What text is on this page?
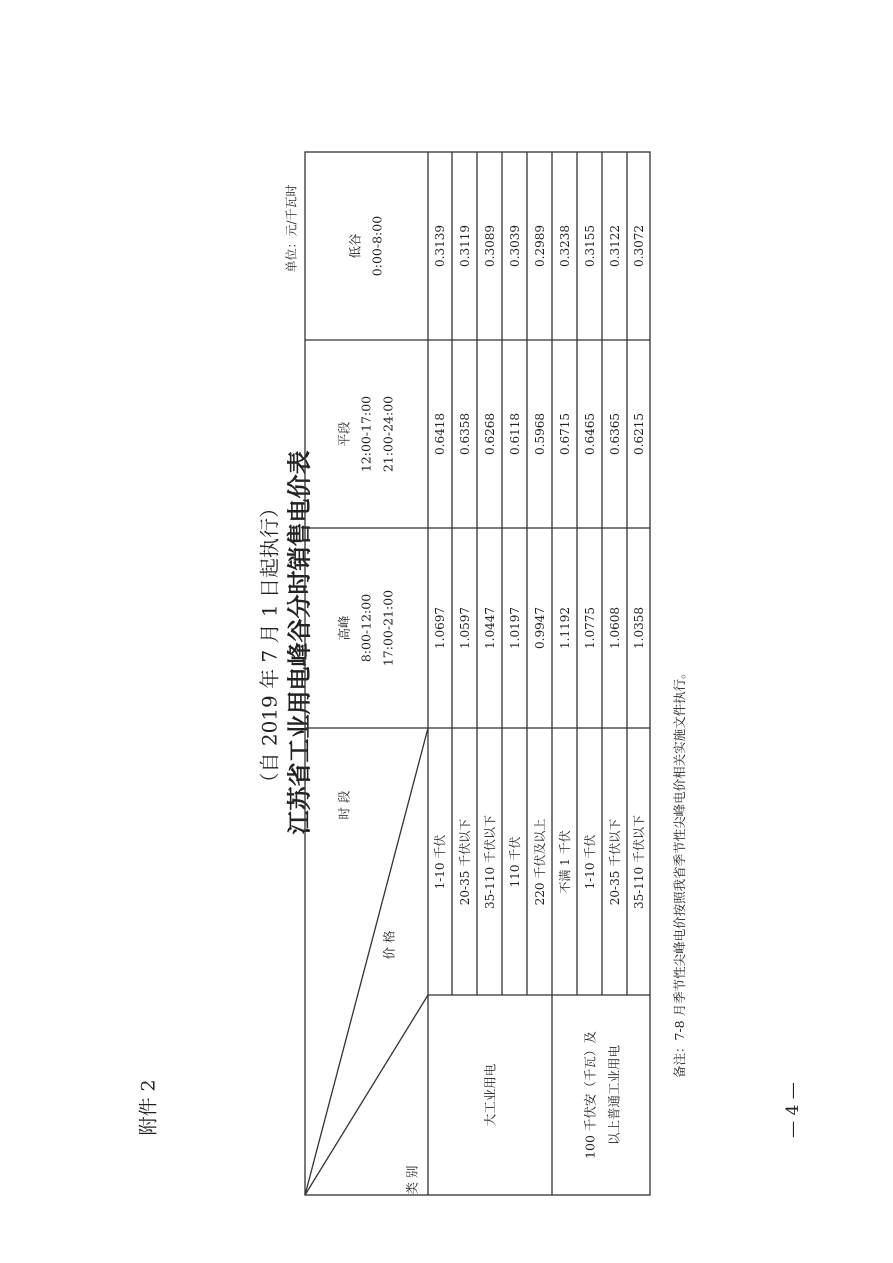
附件 2
江苏省工业用电峰谷分时销售电价表
（自 2019 年 7 月 1 日起执行）
单位：元/千瓦时
时 段
价 格
类 别
高峰 8:00-12:00 17:00-21:00
平段 12:00-17:00 21:00-24:00
低谷 0:00-8:00
1-10 千伏
1.0697
0.6418
0.3139
20-35 千伏以下
1.0597
0.6358
0.3119
35-110 千伏以下
1.0447
0.6268
0.3089
110 千伏
1.0197
0.6118
0.3039
220 千伏及以上
0.9947
0.5968
0.2989
不满 1 千伏
1.1192
0.6715
0.3238
1-10 千伏
1.0775
0.6465
0.3155
20-35 千伏以下
1.0608
0.6365
0.3122
35-110 千伏以下
1.0358
0.6215
0.3072
大工业用电	100 千伏安（千瓦）及 以上普通工业用电
备注：7-8 月季节性尖峰电价按照我省季节性尖峰电价相关实施文件执行。
— 4 —
